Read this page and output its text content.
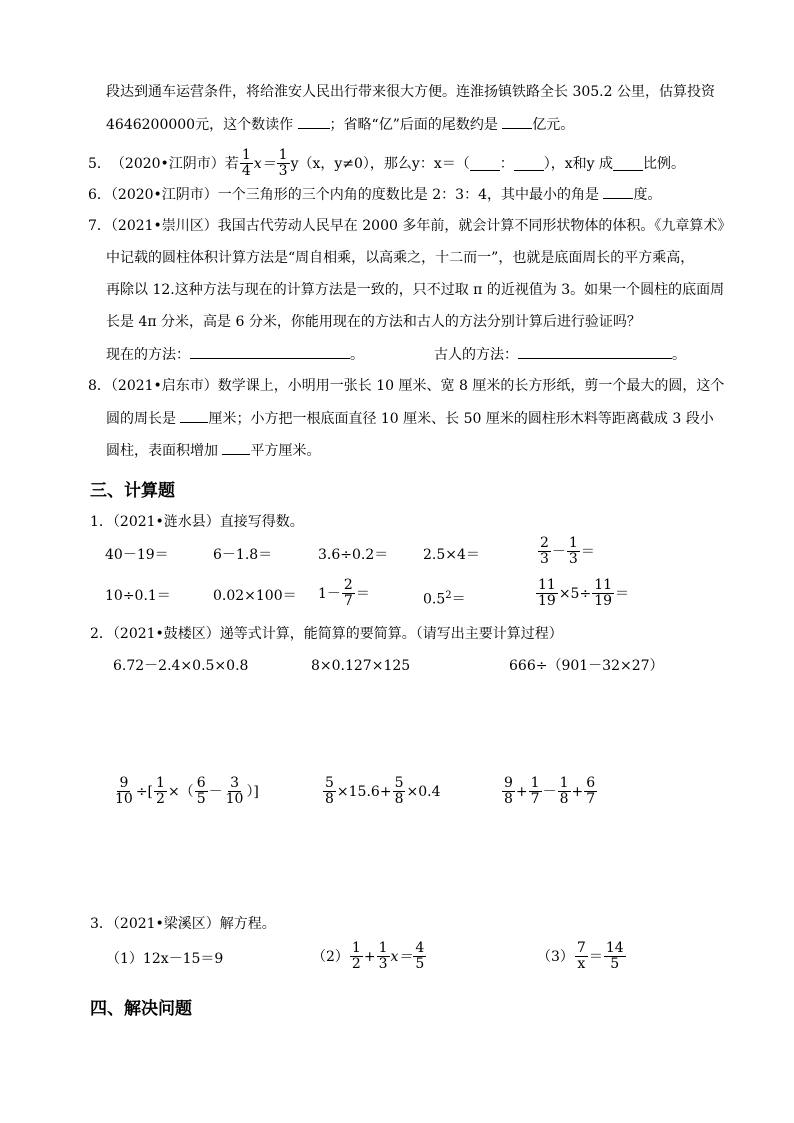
段达到通车运营条件，将给淮安人民出行带来很大方便。连淮扬镇铁路全长 305.2 公里，估算投资
4646200000元，这个数读作 ；省略“亿”后面的尾数约是 亿元。
5． （2020•江阴市）若 $\frac{1}{4} x= \frac{1}{3} y(x$，y≠0），那么 y：x＝（ ： ），x和y 成 比例。
6．（2020•江阴市）一个三角形的三个内角的度数比是 2：3：4，其中最小的角是 度。
7．（2021•崇川区）我国古代劳动人民早在 2000 多年前，就会计算不同形状物体的体积。《九章算术》
中记载的圆柱体积计算方法是“周自相乘，以高乘之，十二而一”，也就是底面周长的平方乘高，
再除以 12.这种方法与现在的计算方法是一致的，只不过取 π 的近视值为 3。如果一个圆柱的底面周
长是 4π 分米，高是 6 分米，你能用现在的方法和古人的方法分别计算后进行验证吗？
现在的方法：	。	古人的方法：	。
8．（2021•启东市）数学课上，小明用一张长 10 厘米、宽 8 厘米的长方形纸，剪一个最大的圆，这个
圆的周长是 厘米；小方把一根底面直径 10 厘米、长 50 厘米的圆柱形木料等距离截成 3 段小
圆柱，表面积增加 平方厘米。
三、计算题
1．（2021•涟水县）直接写得数。
40－19＝	6－1.8＝	3.6÷0.2＝ 2.5×4＝	$\frac{2}{3} - \frac{1}{3}$ ＝
10÷0.1＝	$0.02\times 100= 1- \frac{2}{7}$ ＝	$0.5^2=$	$\frac{11}{19} \times 5\div \frac{11}{19}$ ＝
2．（2021•鼓楼区）递等式计算，能简算的要简算。（请写出主要计算过程）
6.72－2.4×0.5×0.8	8×0.127×125	666÷（901－32×27）
$\frac{9}{10}$ ÷[ $\frac{1}{2}$ ×（ $\frac{6}{5} - \frac{3}{10}$ ）]	$\frac{5}{8} \times 15.6+ \frac{5}{8} \times 0.4$	$\frac{9}{8} + \frac{1}{7} - \frac{1}{8} + \frac{6}{7}$
3．（2021•梁溪区）解方程。
（1）12x－15＝9	$(2) \frac{1}{2} + \frac{1}{3} x= \frac{4}{5}$	$(3) \frac{7}{x} = \frac{14}{5}$
四、解决问题
